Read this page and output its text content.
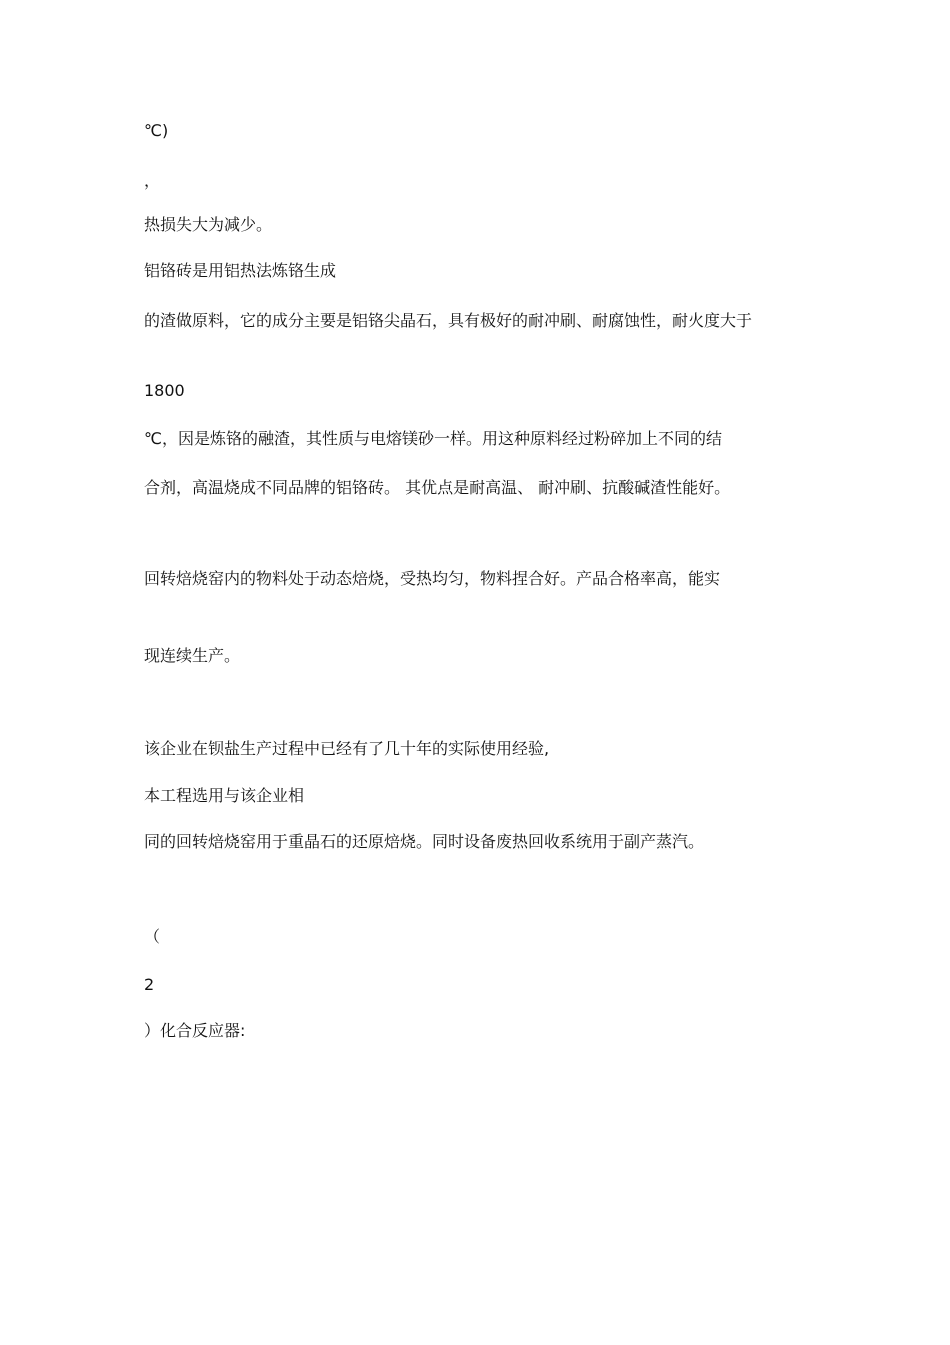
℃)

，

热损失大为减少。

铝铬砖是用铝热法炼铬生成

的渣做原料，它的成分主要是铝铬尖晶石，具有极好的耐冲刷、耐腐蚀性，耐火度大于

1800

℃，因是炼铬的融渣，其性质与电熔镁砂一样。用这种原料经过粉碎加上不同的结

合剂，高温烧成不同品牌的铝铬砖。 其优点是耐高温、 耐冲刷、抗酸碱渣性能好。

回转焙烧窑内的物料处于动态焙烧，受热均匀，物料捏合好。产品合格率高，能实

现连续生产。

该企业在钡盐生产过程中已经有了几十年的实际使用经验,

本工程选用与该企业相

同的回转焙烧窑用于重晶石的还原焙烧。同时设备废热回收系统用于副产蒸汽。

（

2

）化合反应器:
